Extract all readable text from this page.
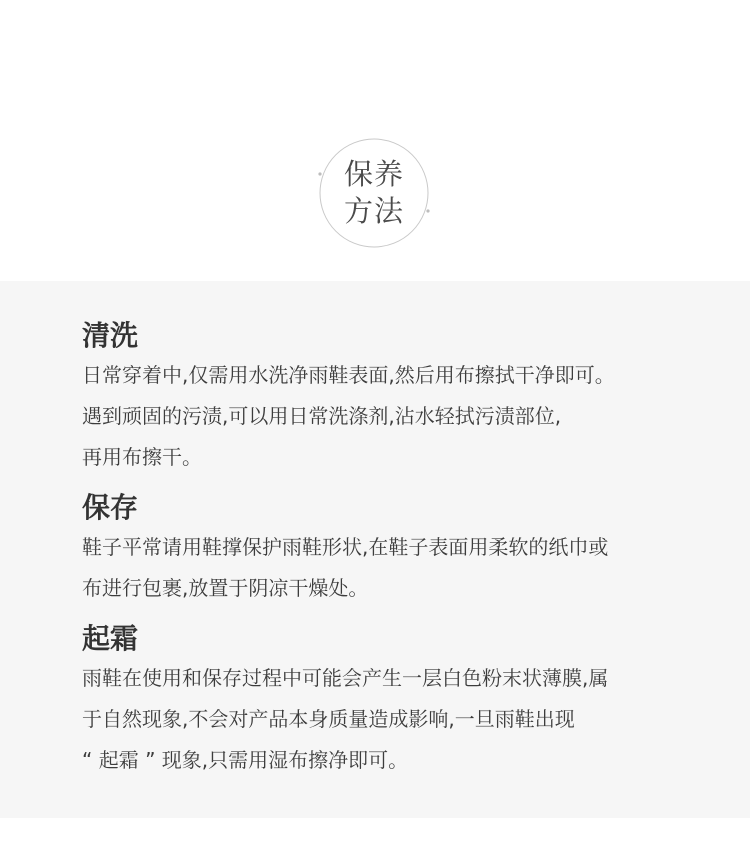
保养
方法
清洗

日常穿着中,仅需用水洗净雨鞋表面,然后用布擦拭干净即可。

遇到顽固的污渍,可以用日常洗涤剂,沾水轻拭污渍部位,

再用布擦干。

保存

鞋子平常请用鞋撑保护雨鞋形状,在鞋子表面用柔软的纸巾或

布进行包裹,放置于阴凉干燥处。

起霜

雨鞋在使用和保存过程中可能会产生一层白色粉末状薄膜,属

于自然现象,不会对产品本身质量造成影响,一旦雨鞋出现

“ 起霜 ” 现象,只需用湿布擦净即可。
